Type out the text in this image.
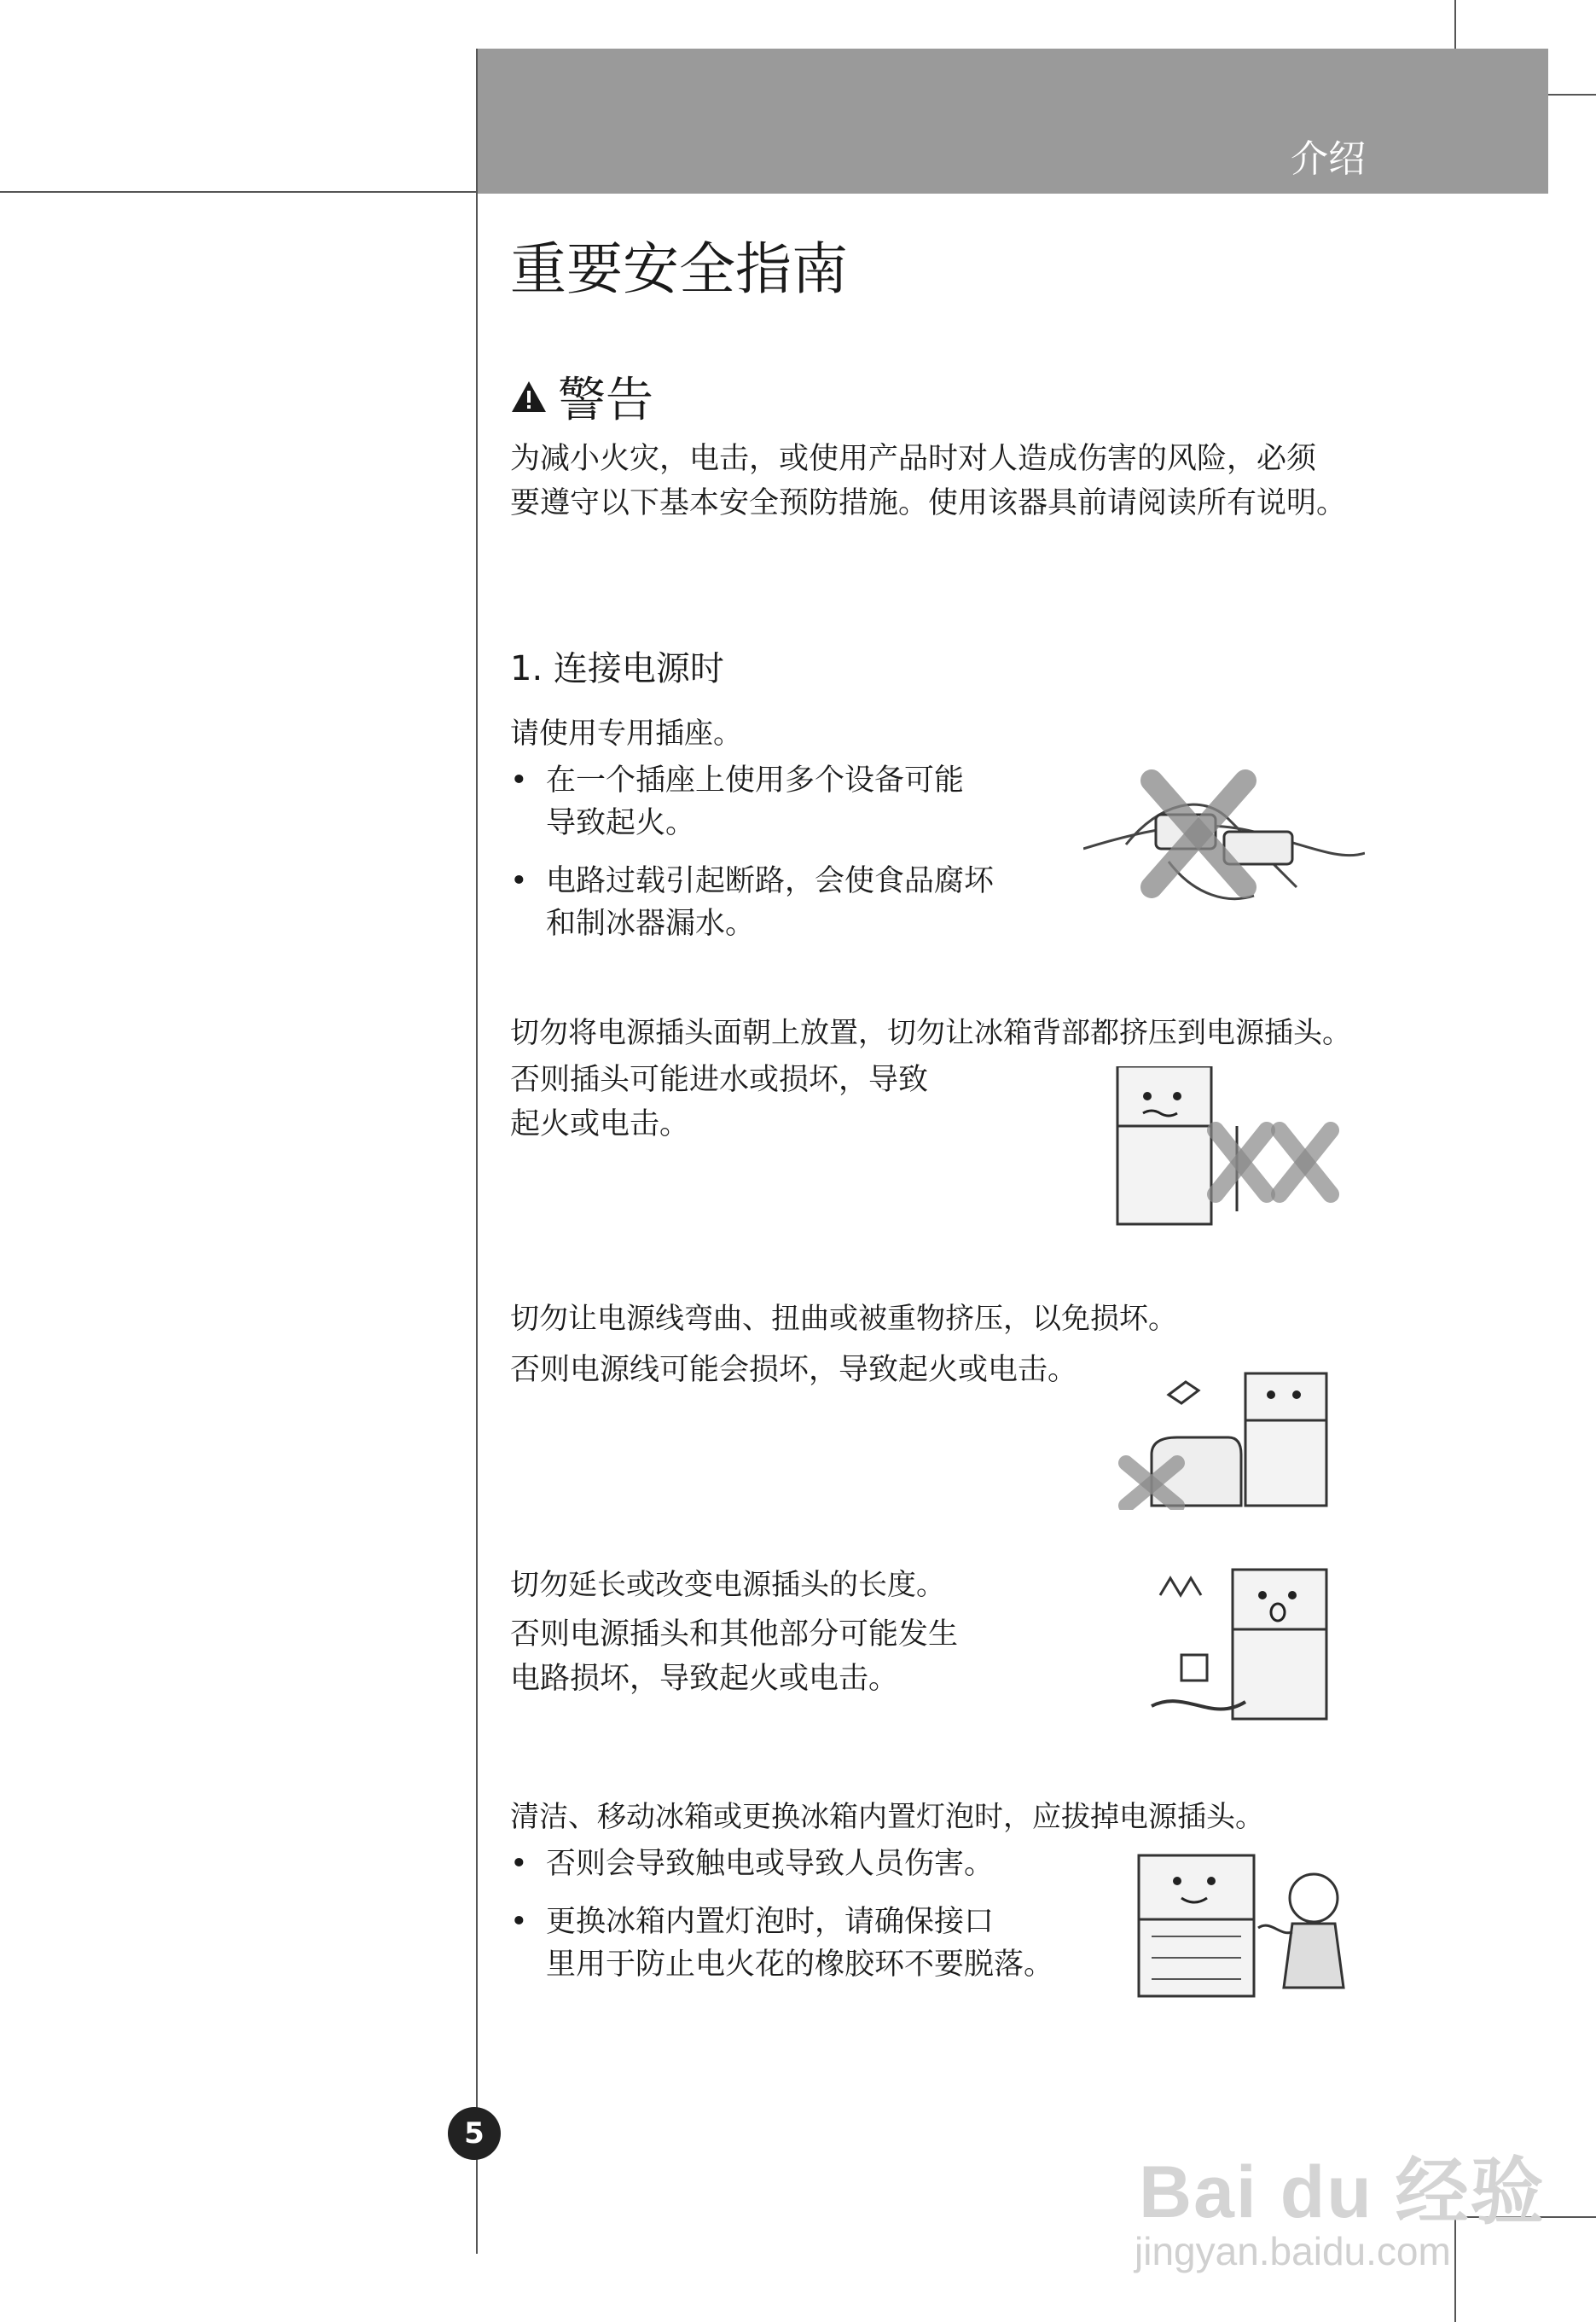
介绍
重要安全指南
警告
为减小火灾，电击，或使用产品时对人造成伤害的风险，必须
要遵守以下基本安全预防措施。使用该器具前请阅读所有说明。
1. 连接电源时
请使用专用插座。
• 在一个插座上使用多个设备可能
导致起火。
• 电路过载引起断路，会使食品腐坏
和制冰器漏水。
切勿将电源插头面朝上放置，切勿让冰箱背部都挤压到电源插头。
否则插头可能进水或损坏，导致
起火或电击。
切勿让电源线弯曲、扭曲或被重物挤压，以免损坏。
否则电源线可能会损坏，导致起火或电击。
切勿延长或改变电源插头的长度。
否则电源插头和其他部分可能发生
电路损坏，导致起火或电击。
清洁、移动冰箱或更换冰箱内置灯泡时，应拔掉电源插头。
• 否则会导致触电或导致人员伤害。
• 更换冰箱内置灯泡时，请确保接口
里用于防止电火花的橡胶环不要脱落。
5
Bai du 经验
jingyan.baidu.com
